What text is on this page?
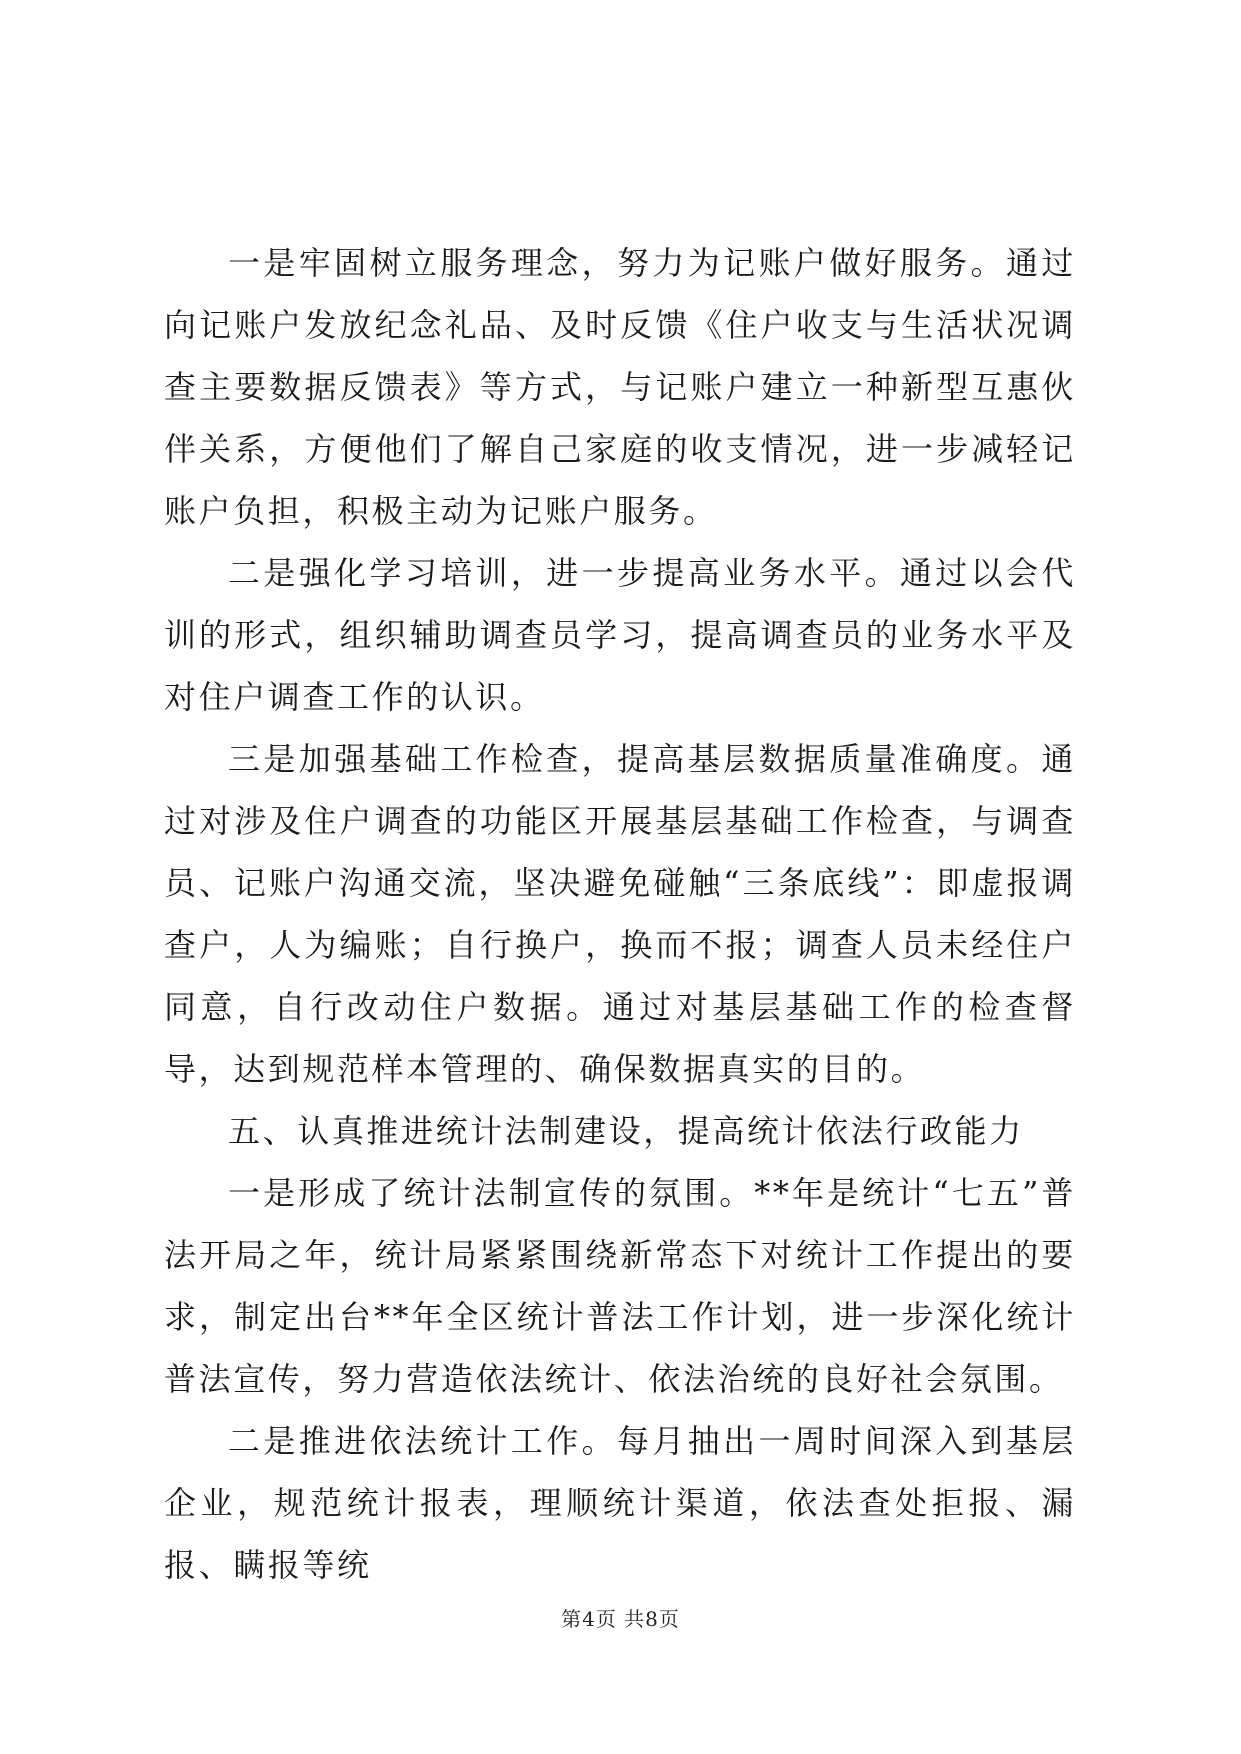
一是牢固树立服务理念，努力为记账户做好服务。通过向记账户发放纪念礼品、及时反馈《住户收支与生活状况调查主要数据反馈表》等方式，与记账户建立一种新型互惠伙伴关系，方便他们了解自己家庭的收支情况，进一步减轻记账户负担，积极主动为记账户服务。

二是强化学习培训，进一步提高业务水平。通过以会代训的形式，组织辅助调查员学习，提高调查员的业务水平及对住户调查工作的认识。

三是加强基础工作检查，提高基层数据质量准确度。通过对涉及住户调查的功能区开展基层基础工作检查，与调查员、记账户沟通交流，坚决避免碰触“三条底线”：即虚报调查户，人为编账；自行换户，换而不报；调查人员未经住户同意，自行改动住户数据。通过对基层基础工作的检查督导，达到规范样本管理的、确保数据真实的目的。

五、认真推进统计法制建设，提高统计依法行政能力

一是形成了统计法制宣传的氛围。**年是统计“七五”普法开局之年，统计局紧紧围绕新常态下对统计工作提出的要求，制定出台**年全区统计普法工作计划，进一步深化统计普法宣传，努力营造依法统计、依法治统的良好社会氛围。

二是推进依法统计工作。每月抽出一周时间深入到基层企业，规范统计报表，理顺统计渠道，依法查处拒报、漏报、瞒报等统

第4页 共8页
